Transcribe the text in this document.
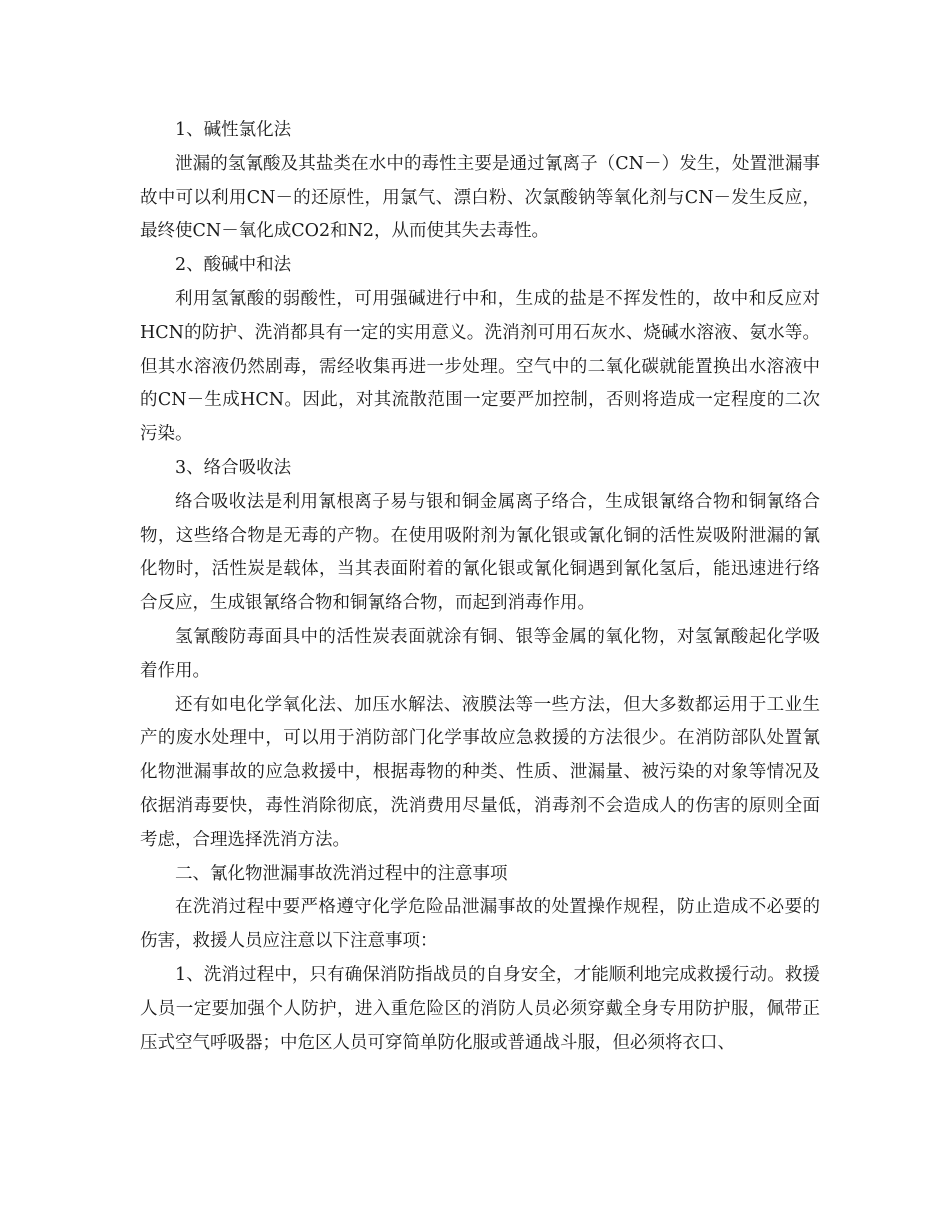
1、碱性氯化法

泄漏的氢氰酸及其盐类在水中的毒性主要是通过氰离子（CN－）发生，处置泄漏事故中可以利用CN－的还原性，用氯气、漂白粉、次氯酸钠等氧化剂与CN－发生反应，最终使CN－氧化成CO2和N2，从而使其失去毒性。

2、酸碱中和法

利用氢氰酸的弱酸性，可用强碱进行中和，生成的盐是不挥发性的，故中和反应对HCN的防护、洗消都具有一定的实用意义。洗消剂可用石灰水、烧碱水溶液、氨水等。但其水溶液仍然剧毒，需经收集再进一步处理。空气中的二氧化碳就能置换出水溶液中的CN－生成HCN。因此，对其流散范围一定要严加控制，否则将造成一定程度的二次污染。

3、络合吸收法

络合吸收法是利用氰根离子易与银和铜金属离子络合，生成银氰络合物和铜氰络合物，这些络合物是无毒的产物。在使用吸附剂为氰化银或氰化铜的活性炭吸附泄漏的氰化物时，活性炭是载体，当其表面附着的氰化银或氰化铜遇到氰化氢后，能迅速进行络合反应，生成银氰络合物和铜氰络合物，而起到消毒作用。

氢氰酸防毒面具中的活性炭表面就涂有铜、银等金属的氧化物，对氢氰酸起化学吸着作用。

还有如电化学氧化法、加压水解法、液膜法等一些方法，但大多数都运用于工业生产的废水处理中，可以用于消防部门化学事故应急救援的方法很少。在消防部队处置氰化物泄漏事故的应急救援中，根据毒物的种类、性质、泄漏量、被污染的对象等情况及依据消毒要快，毒性消除彻底，洗消费用尽量低，消毒剂不会造成人的伤害的原则全面考虑，合理选择洗消方法。

二、氰化物泄漏事故洗消过程中的注意事项

在洗消过程中要严格遵守化学危险品泄漏事故的处置操作规程，防止造成不必要的伤害，救援人员应注意以下注意事项：

1、洗消过程中，只有确保消防指战员的自身安全，才能顺利地完成救援行动。救援人员一定要加强个人防护，进入重危险区的消防人员必须穿戴全身专用防护服，佩带正压式空气呼吸器；中危区人员可穿简单防化服或普通战斗服，但必须将衣口、
